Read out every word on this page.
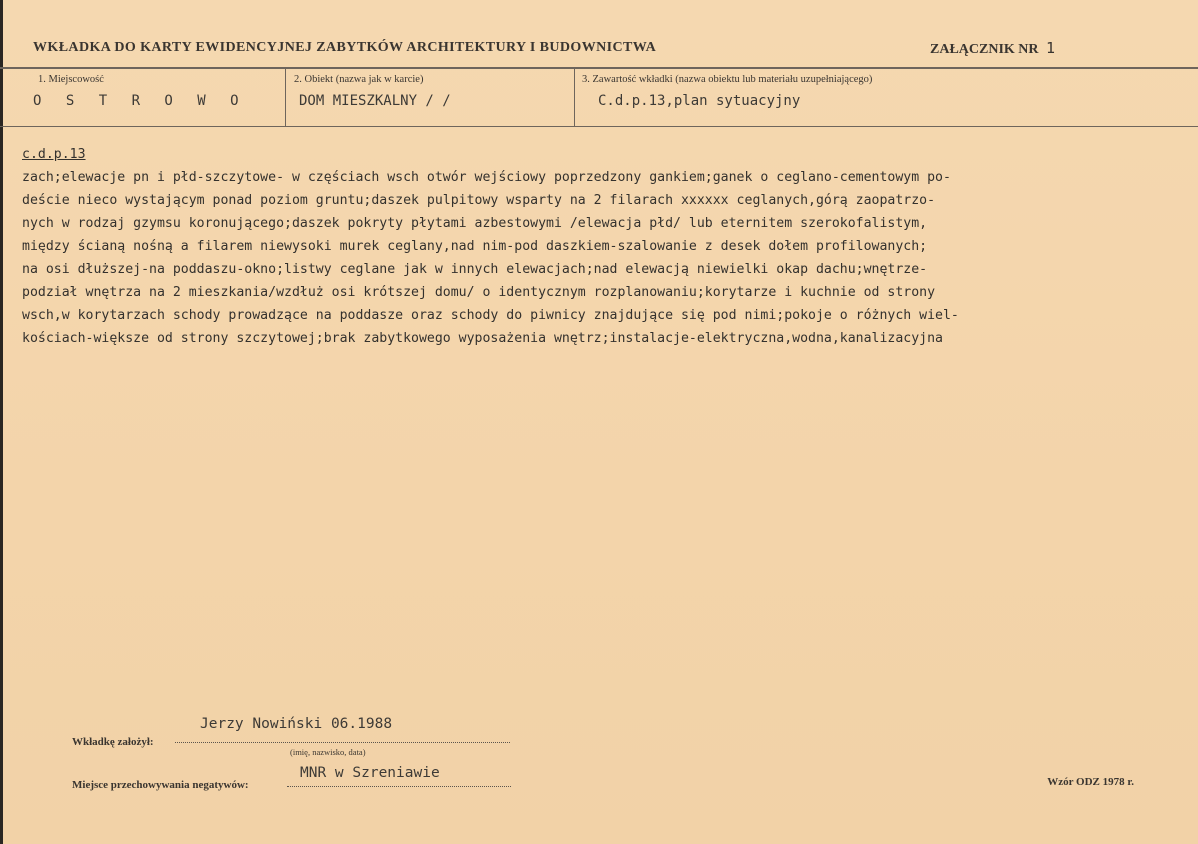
WKŁADKA DO KARTY EWIDENCYJNEJ ZABYTKÓW ARCHITEKTURY I BUDOWNICTWA	ZAŁĄCZNIK NR 1
1. Miejscowość
O S T R O W O
2. Obiekt (nazwa jak w karcie)
DOM MIESZKALNY / /
3. Zawartość wkładki (nazwa obiektu lub materiału uzupełniającego)
C.d.p.13,plan sytuacyjny
c.d.p.13
zach;elewacje pn i płd-szczytowe- w częściach wsch otwór wejściowy poprzedzony gankiem;ganek o ceglano-cementowym po-
deście nieco wystającym ponad poziom gruntu;daszek pulpitowy wsparty na 2 filarach xxxxxx ceglanych,górą zaopatrzo-
nych w rodzaj gzymsu koronującego;daszek pokryty płytami azbestowymi /elewacja płd/ lub eternitem szerokofalistym,
między ścianą nośną a filarem niewysoki murek ceglany,nad nim-pod daszkiem-szalowanie z desek dołem profilowanych;
na osi dłuższej-na poddaszu-okno;listwy ceglane jak w innych elewacjach;nad elewacją niewielki okap dachu;wnętrze-
podział wnętrza na 2 mieszkania/wzdłuż osi krótszej domu/ o identycznym rozplanowaniu;korytarze i kuchnie od strony
wsch,w korytarzach schody prowadzące na poddasze oraz schody do piwnicy znajdujące się pod nimi;pokoje o różnych wiel-
kościach-większe od strony szczytowej;brak zabytkowego wyposażenia wnętrz;instalacje-elektryczna,wodna,kanalizacyjna
Wkładkę założył:
Jerzy Nowiński 06.1988
(imię, nazwisko, data)
Miejsce przechowywania negatywów:
MNR w Szreniawie
Wzór ODZ 1978 r.
